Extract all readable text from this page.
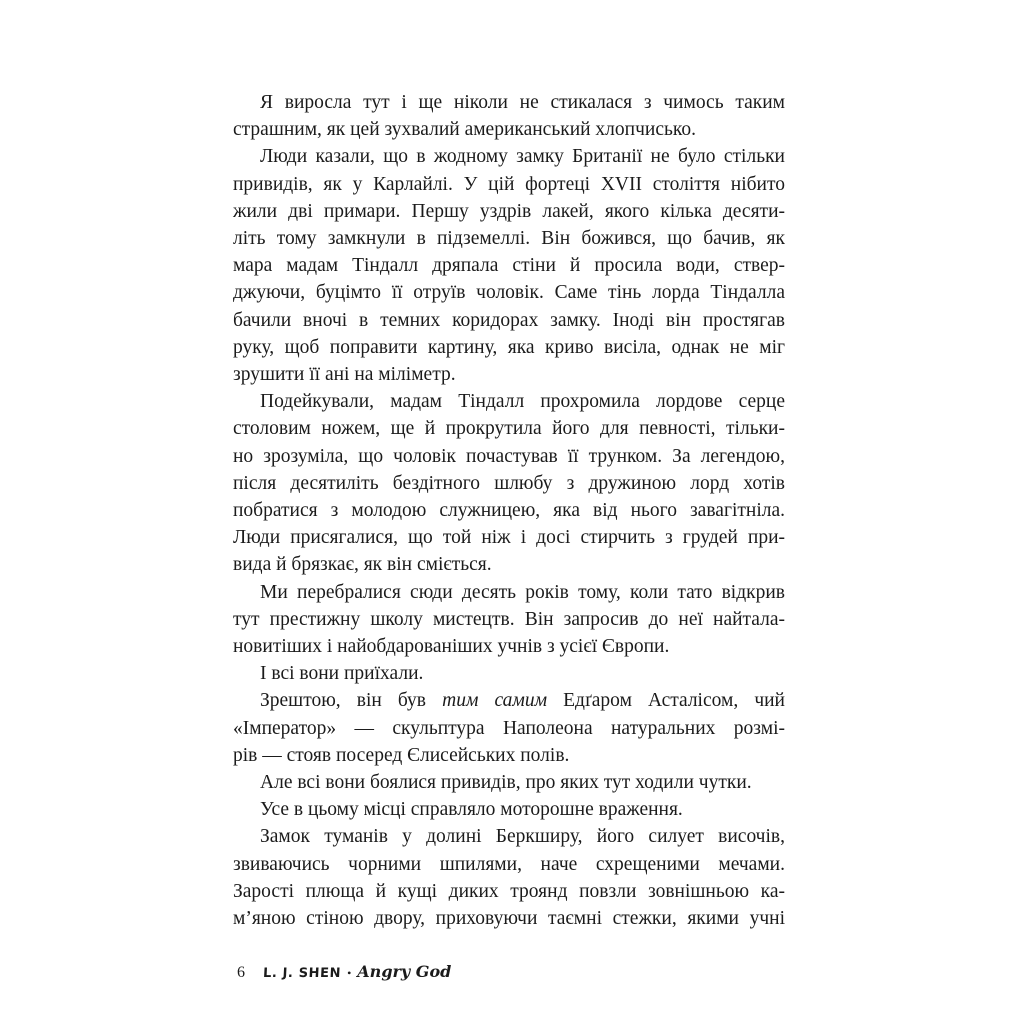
Я виросла тут і ще ніколи не стикалася з чимось таким
страшним, як цей зухвалий американський хлопчисько.
Люди казали, що в жодному замку Британії не було стільки
привидів, як у Карлайлі. У цій фортеці XVII століття нібито
жили дві примари. Першу уздрів лакей, якого кілька десяти-
літь тому замкнули в підземеллі. Він божився, що бачив, як
мара мадам Тіндалл дряпала стіни й просила води, ствер-
джуючи, буцімто її отруїв чоловік. Саме тінь лорда Тіндалла
бачили вночі в темних коридорах замку. Іноді він простягав
руку, щоб поправити картину, яка криво висіла, однак не міг
зрушити її ані на міліметр.
Подейкували, мадам Тіндалл прохромила лордове серце
столовим ножем, ще й прокрутила його для певності, тільки-
но зрозуміла, що чоловік почастував її трунком. За легендою,
після десятиліть бездітного шлюбу з дружиною лорд хотів
побратися з молодою служницею, яка від нього завагітніла.
Люди присягалися, що той ніж і досі стирчить з грудей при-
вида й брязкає, як він сміється.
Ми перебралися сюди десять років тому, коли тато відкрив
тут престижну школу мистецтв. Він запросив до неї найтала-
новитіших і найобдарованіших учнів з усієї Європи.
І всі вони приїхали.
Зрештою, він був тим самим Едґаром Асталісом, чий
«Імператор» — скульптура Наполеона натуральних розмі-
рів — стояв посеред Єлисейських полів.
Але всі вони боялися привидів, про яких тут ходили чутки.
Усе в цьому місці справляло моторошне враження.
Замок туманів у долині Беркширу, його силует височів,
звиваючись чорними шпилями, наче схрещеними мечами.
Зарості плюща й кущі диких троянд повзли зовнішньою ка-
м’яною стіною двору, приховуючи таємні стежки, якими учні
6 L. J. SHEN • Angry God
